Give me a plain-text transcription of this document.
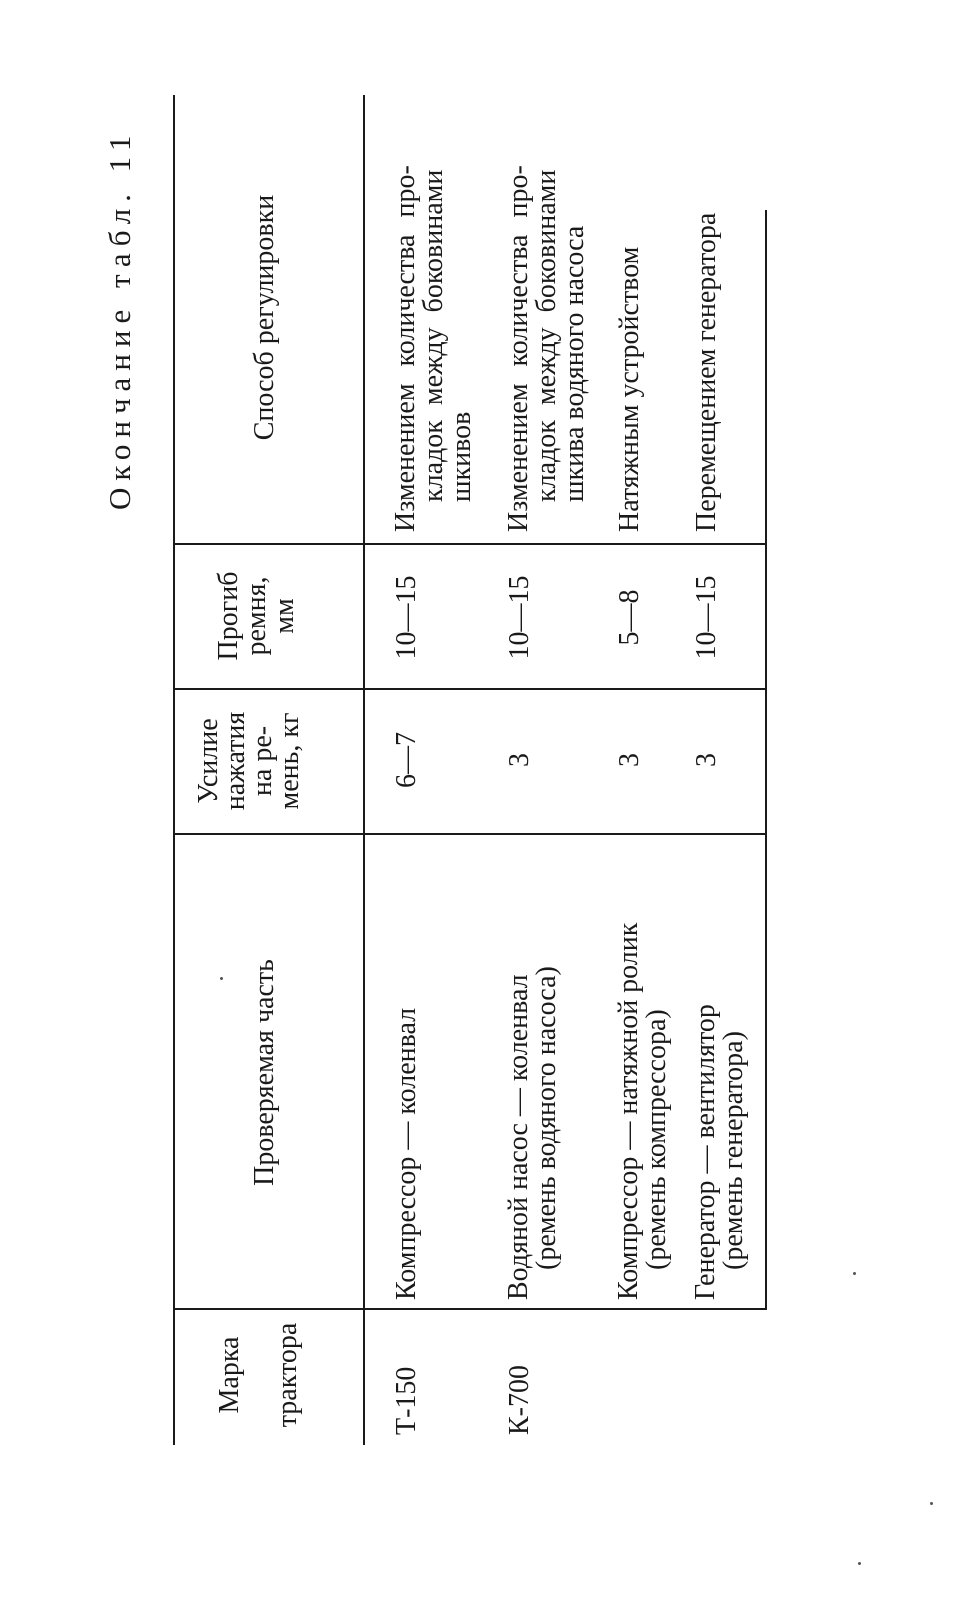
Окончание табл. 11
Марка трактора
Проверяемая часть
Усилие
нажатия
на ре-
мень, кг
Прогиб
ремня,
мм
Способ регулировки
Т-150
Компрессор — коленвал
6—7
10—15
Изменением количества про-
кладок между боковинами
шкивов
К-700
Водяной насос — коленвал
(ремень водяного насоса)
3
10—15
Изменением количества про-
кладок между боковинами
шкива водяного насоса
Компрессор — натяжной ролик
(ремень компрессора)
3
5—8
Натяжным устройством
Генератор — вентилятор
(ремень генератора)
3
10—15
Перемещением генератора
